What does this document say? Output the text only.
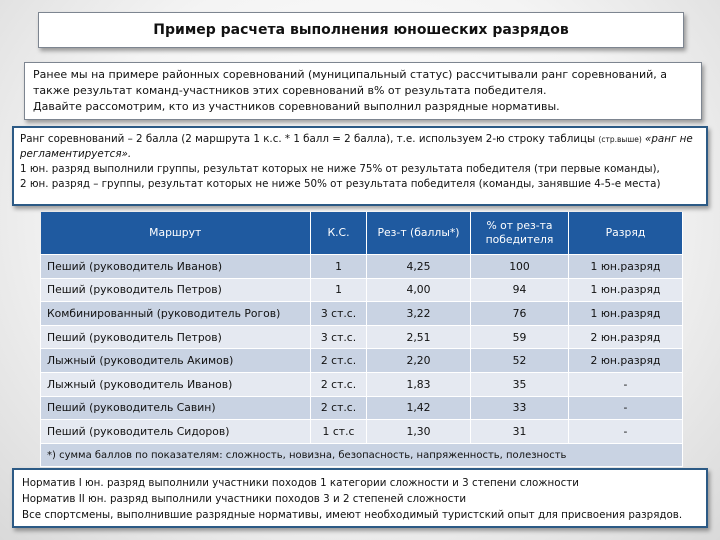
Пример расчета выполнения юношеских разрядов
Ранее мы на примере районных соревнований (муниципальный статус) рассчитывали ранг соревнований, а
также результат команд-участников этих соревнований в% от результата победителя.
Давайте рассомотрим, кто из участников соревнований выполнил разрядные нормативы.
Ранг соревнований – 2 балла (2 маршрута 1 к.с. * 1 балл = 2 балла), т.е. используем 2-ю строку таблицы (стр.выше) «ранг не регламентируется».
1 юн. разряд выполнили группы, результат которых не ниже 75% от результата победителя (три первые команды),
2 юн. разряд – группы, результат которых не ниже 50% от результата победителя (команды, занявшие 4-5-е места)
Маршрут	К.С.	Рез-т (баллы*)	% от рез-та победителя	Разряд
Пеший (руководитель Иванов)	1	4,25	100	1 юн.разряд
Пеший (руководитель Петров)	1	4,00	94	1 юн.разряд
Комбинированный (руководитель Рогов)	3 ст.с.	3,22	76	1 юн.разряд
Пеший (руководитель Петров)	3 ст.с.	2,51	59	2 юн.разряд
Лыжный (руководитель Акимов)	2 ст.с.	2,20	52	2 юн.разряд
Лыжный (руководитель Иванов)	2 ст.с.	1,83	35	-
Пеший (руководитель Савин)	2 ст.с.	1,42	33	-
Пеший (руководитель Сидоров)	1 ст.с	1,30	31	-
*) сумма баллов по показателям: сложность, новизна, безопасность, напряженность, полезность				
Норматив I юн. разряд выполнили участники походов 1 категории сложности и 3 степени сложности
Норматив II юн. разряд выполнили участники походов 3 и 2 степеней сложности
Все спортсмены, выполнившие разрядные нормативы, имеют необходимый туристский опыт для присвоения разрядов.
